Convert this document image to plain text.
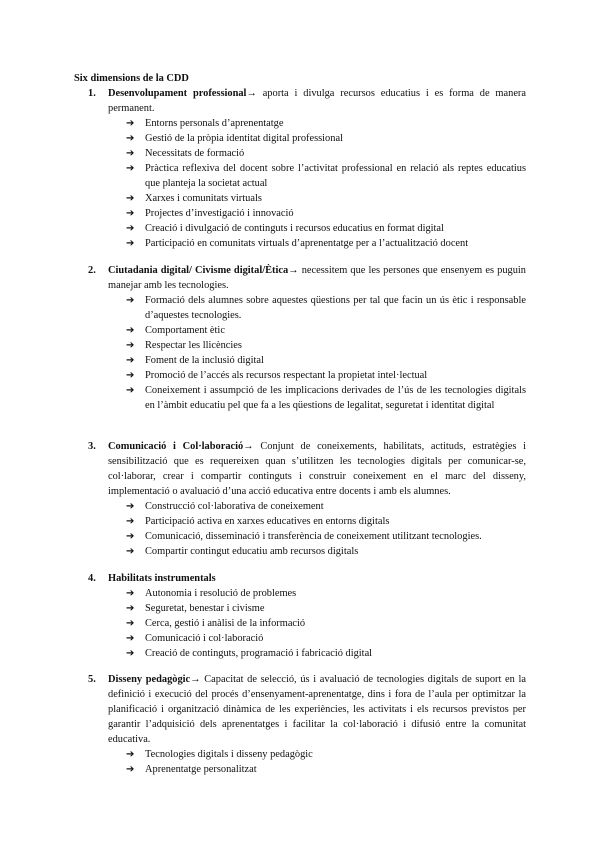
Six dimensions de la CDD
1. Desenvolupament professional→ aporta i divulga recursos educatius i es forma de manera permanent.
➔ Entorns personals d’aprenentatge
➔ Gestió de la pròpia identitat digital professional
➔ Necessitats de formació
➔ Pràctica reflexiva del docent sobre l’activitat professional en relació als reptes educatius que planteja la societat actual
➔ Xarxes i comunitats virtuals
➔ Projectes d’investigació i innovació
➔ Creació i divulgació de continguts i recursos educatius en format digital
➔ Participació en comunitats virtuals d’aprenentatge per a l’actualització docent
2. Ciutadania digital/ Civisme digital/Ètica→ necessitem que les persones que ensenyem es puguin manejar amb les tecnologies.
➔ Formació dels alumnes sobre aquestes qüestions per tal que facin un ús ètic i responsable d’aquestes tecnologies.
➔ Comportament ètic
➔ Respectar les llicències
➔ Foment de la inclusió digital
➔ Promoció de l’accés als recursos respectant la propietat intel·lectual
➔ Coneixement i assumpció de les implicacions derivades de l’ús de les tecnologies digitals en l’àmbit educatiu pel que fa a les qüestions de legalitat, seguretat i identitat digital
3. Comunicació i Col·laboració→ Conjunt de coneixements, habilitats, actituds, estratègies i sensibilització que es requereixen quan s’utilitzen les tecnologies digitals per comunicar-se, col·laborar, crear i compartir continguts i construir coneixement en el marc del disseny, implementació o avaluació d’una acció educativa entre docents i amb els alumnes.
➔ Construcció col·laborativa de coneixement
➔ Participació activa en xarxes educatives en entorns digitals
➔ Comunicació, disseminació i transferència de coneixement utilitzant tecnologies.
➔ Compartir contingut educatiu amb recursos digitals
4. Habilitats instrumentals
➔ Autonomia i resolució de problemes
➔ Seguretat, benestar i civisme
➔ Cerca, gestió i anàlisi de la informació
➔ Comunicació i col·laboració
➔ Creació de continguts, programació i fabricació digital
5. Disseny pedagògic→ Capacitat de selecció, ús i avaluació de tecnologies digitals de suport en la definició i execució del procés d’ensenyament-aprenentatge, dins i fora de l’aula per optimitzar la planificació i organització dinàmica de les experiències, les activitats i els recursos previstos per garantir l’adquisició dels aprenentatges i facilitar la col·laboració i difusió entre la comunitat educativa.
➔ Tecnologies digitals i disseny pedagògic
➔ Aprenentatge personalitzat
